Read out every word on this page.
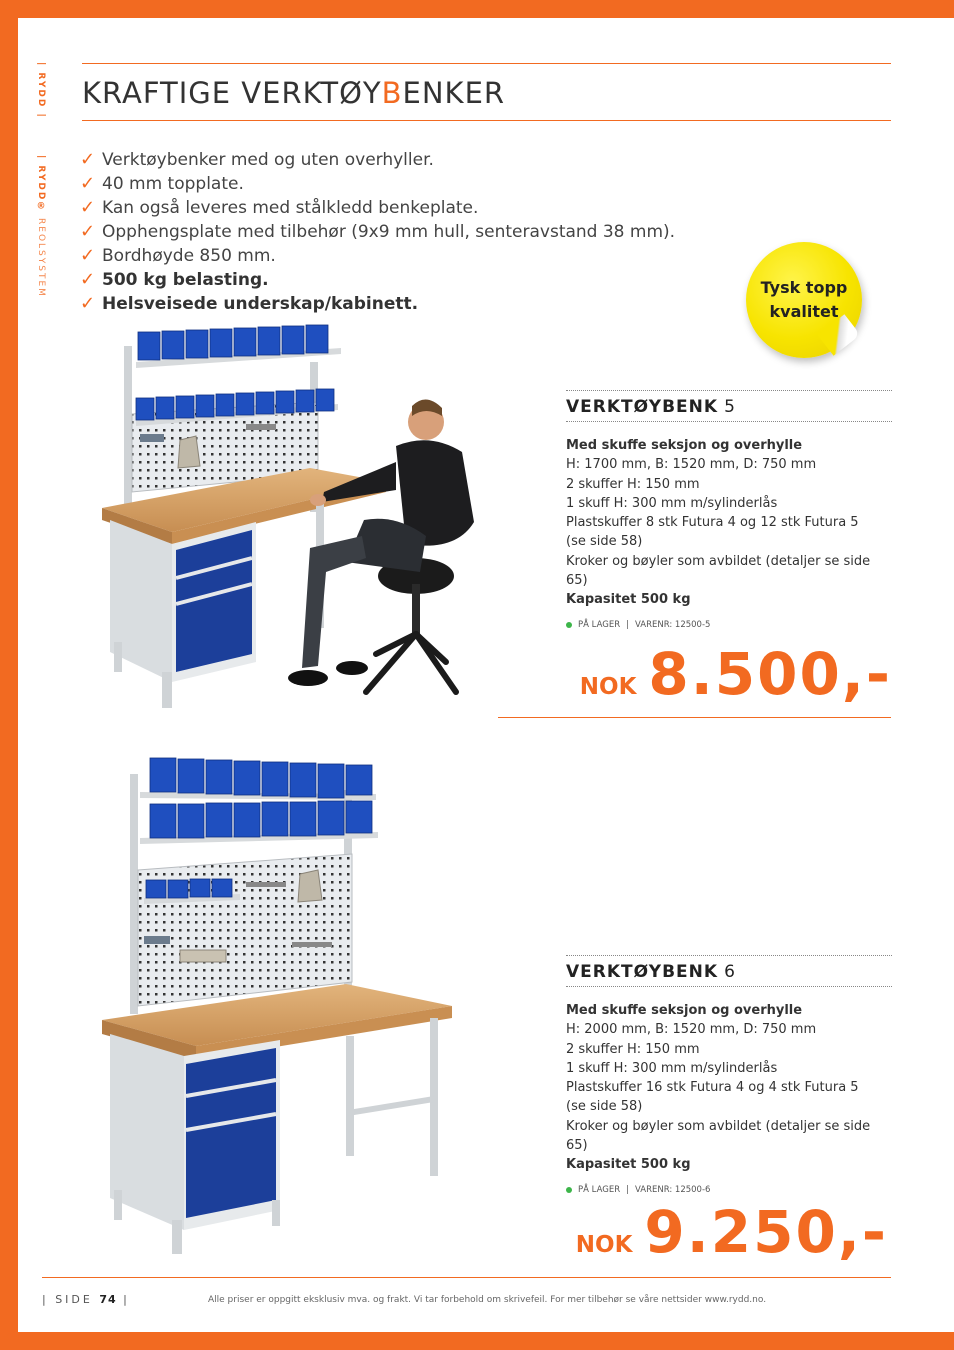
| RYDD |
| RYDD® REOLSYSTEM
KRAFTIGE VERKTØYBENKER
✓ Verktøybenker med og uten overhyller.
✓ 40 mm topplate.
✓ Kan også leveres med stålkledd benkeplate.
✓ Opphengsplate med tilbehør (9x9 mm hull, senteravstand 38 mm).
✓ Bordhøyde 850 mm.
✓ 500 kg belasting.
✓ Helsveisede underskap/kabinett.
Tysk topp
kvalitet
VERKTØYBENK 5
Med skuffe seksjon og overhylle
H: 1700 mm, B: 1520 mm, D: 750 mm
2 skuffer H: 150 mm
1 skuff H: 300 mm m/sylinderlås
Plastskuffer 8 stk Futura 4 og 12 stk Futura 5
(se side 58)
Kroker og bøyler som avbildet (detaljer se side 65)
Kapasitet 500 kg
PÅ LAGER | VARENR: 12500-5
NOK 8.500,-
VERKTØYBENK 6
Med skuffe seksjon og overhylle
H: 2000 mm, B: 1520 mm, D: 750 mm
2 skuffer H: 150 mm
1 skuff H: 300 mm m/sylinderlås
Plastskuffer 16 stk Futura 4 og 4 stk Futura 5
(se side 58)
Kroker og bøyler som avbildet (detaljer se side 65)
Kapasitet 500 kg
PÅ LAGER | VARENR: 12500-6
NOK 9.250,-
| SIDE 74 |	Alle priser er oppgitt eksklusiv mva. og frakt. Vi tar forbehold om skrivefeil. For mer tilbehør se våre nettsider www.rydd.no.
